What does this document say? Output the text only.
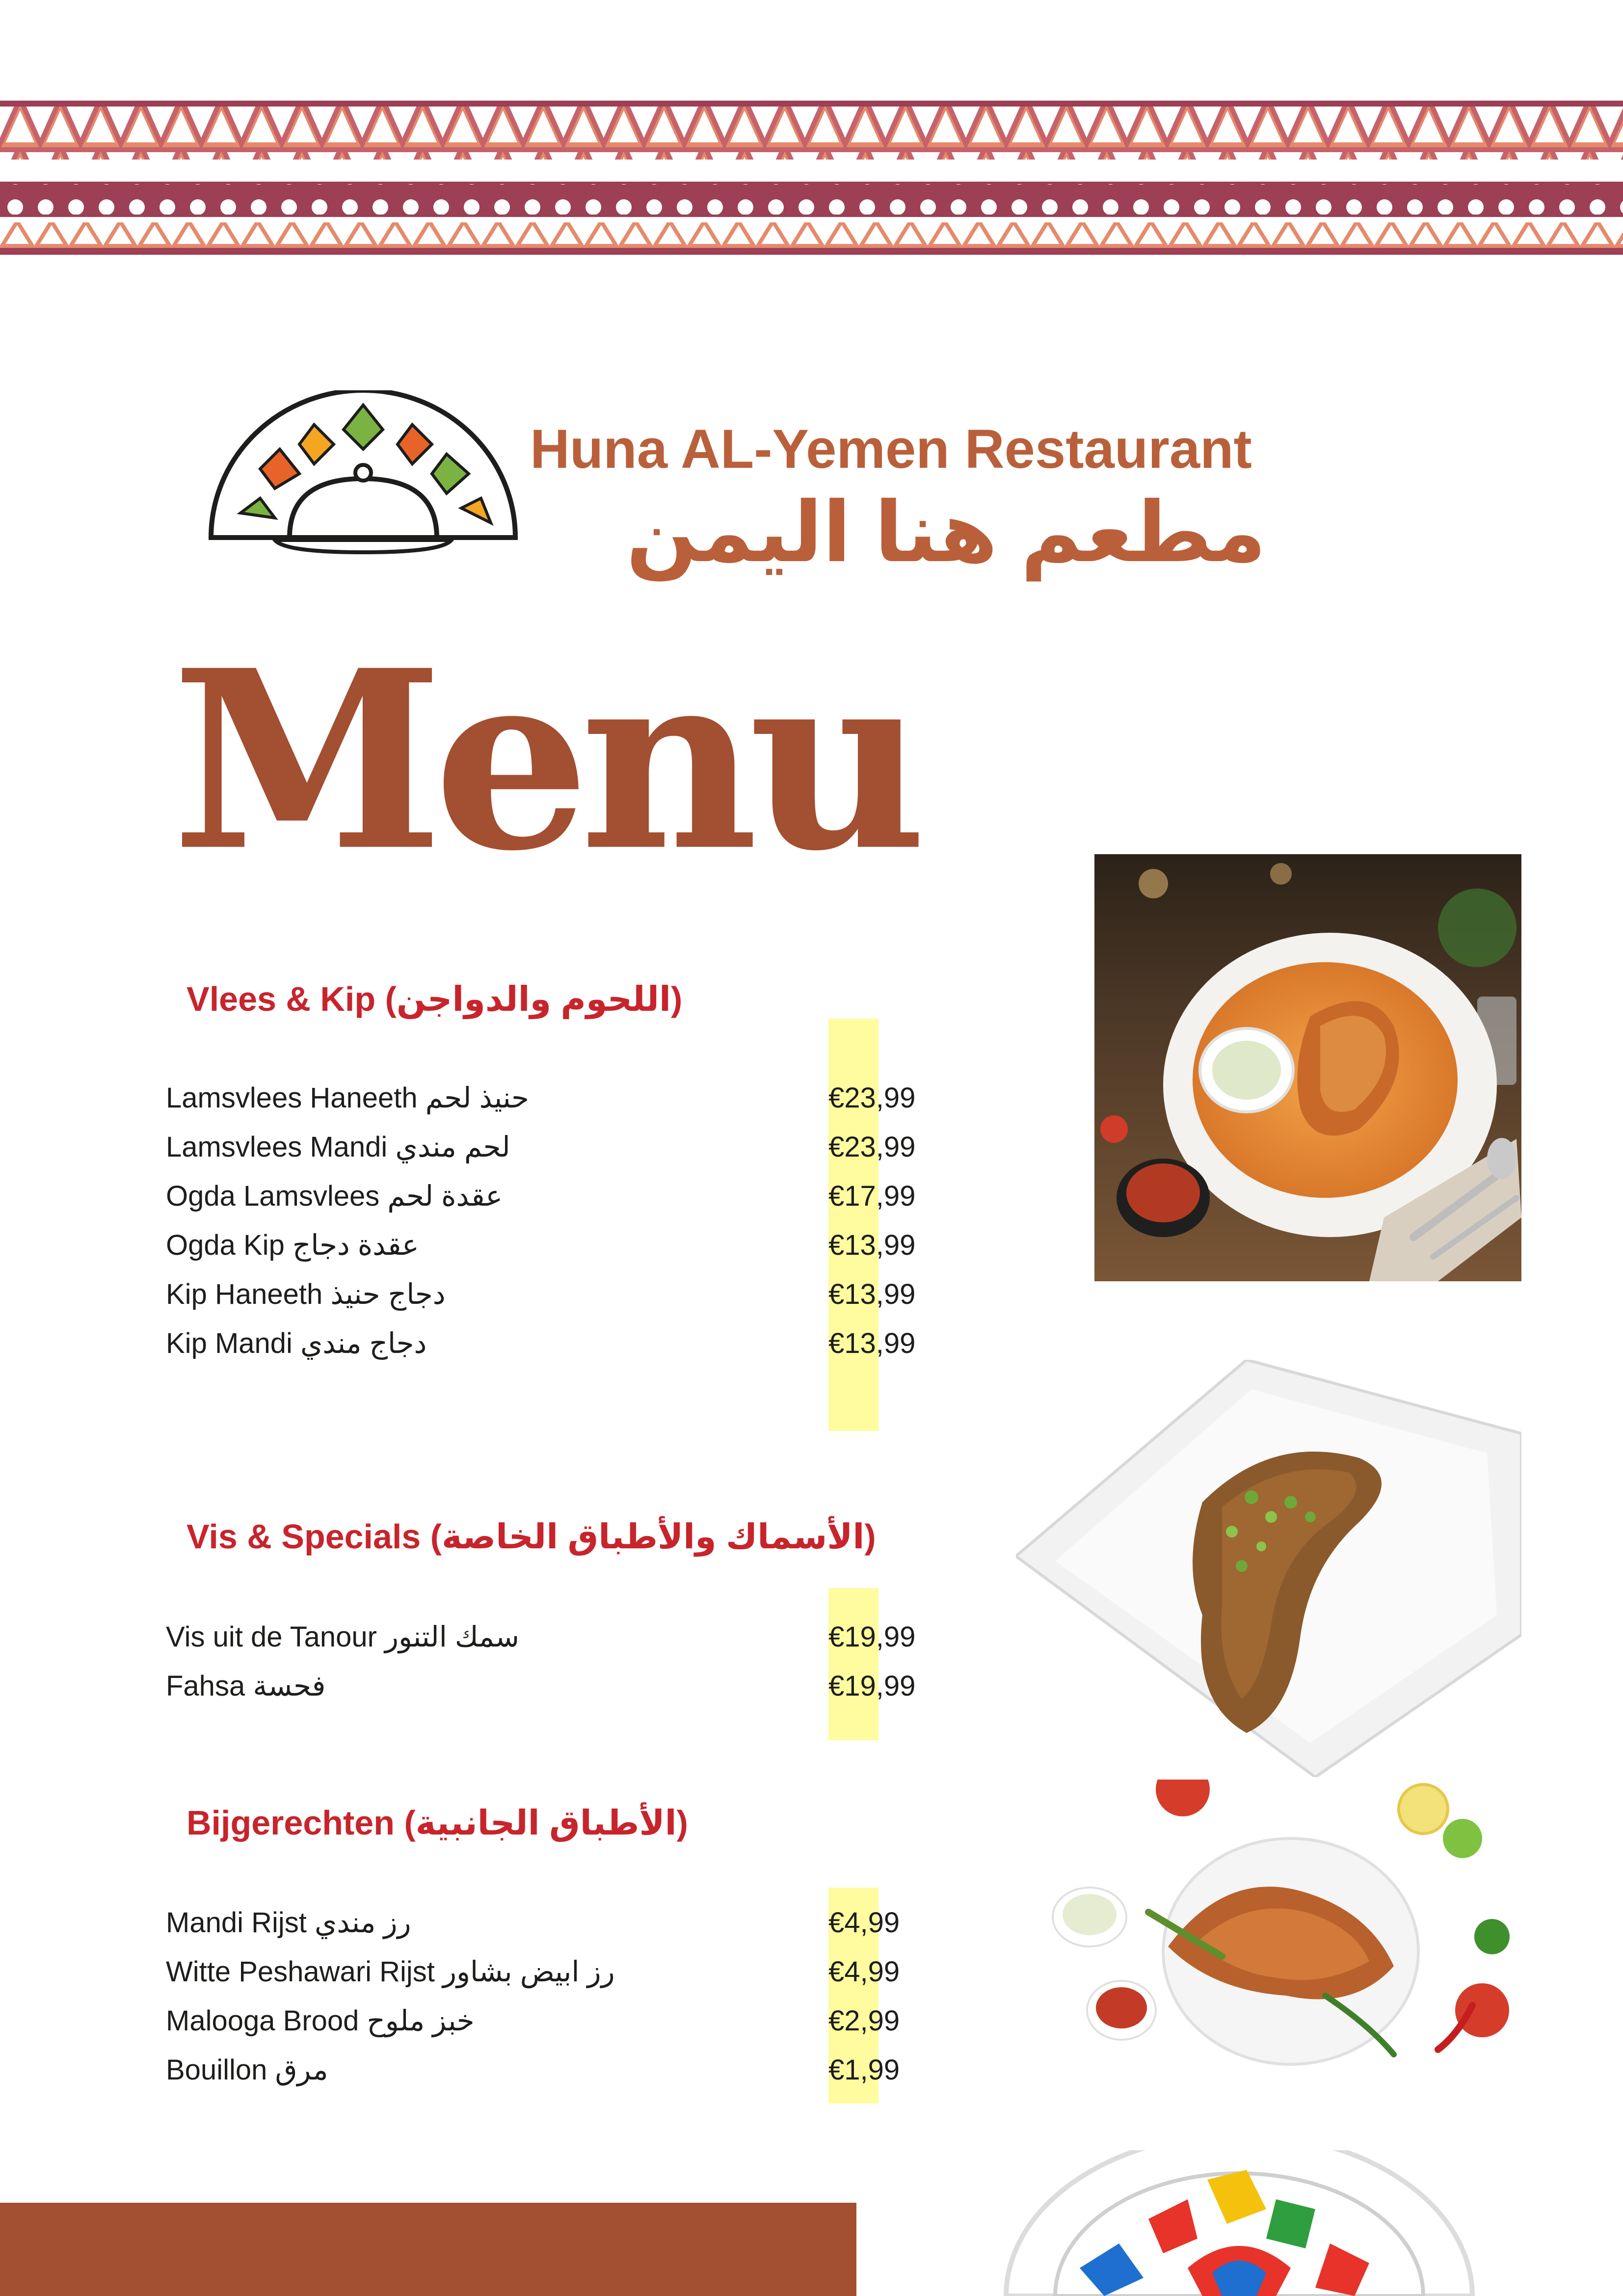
Huna AL-Yemen Restaurant
مطعم هنا اليمن
Menu
Vlees & Kip (اللحوم والدواجن)
Lamsvlees Haneeth حنيذ لحم	€23,99
Lamsvlees Mandi لحم مندي	€23,99
Ogda Lamsvlees عقدة لحم	€17,99
Ogda Kip عقدة دجاج	€13,99
Kip Haneeth دجاج حنيذ	€13,99
Kip Mandi دجاج مندي	€13,99
Vis & Specials (الأسماك والأطباق الخاصة)
Vis uit de Tanour سمك التنور	€19,99
Fahsa فحسة	€19,99
Bijgerechten (الأطباق الجانبية)
Mandi Rijst رز مندي	€4,99
Witte Peshawari Rijst رز ابيض بشاور	€4,99
Malooga Brood خبز ملوح	€2,99
Bouillon مرق	€1,99
